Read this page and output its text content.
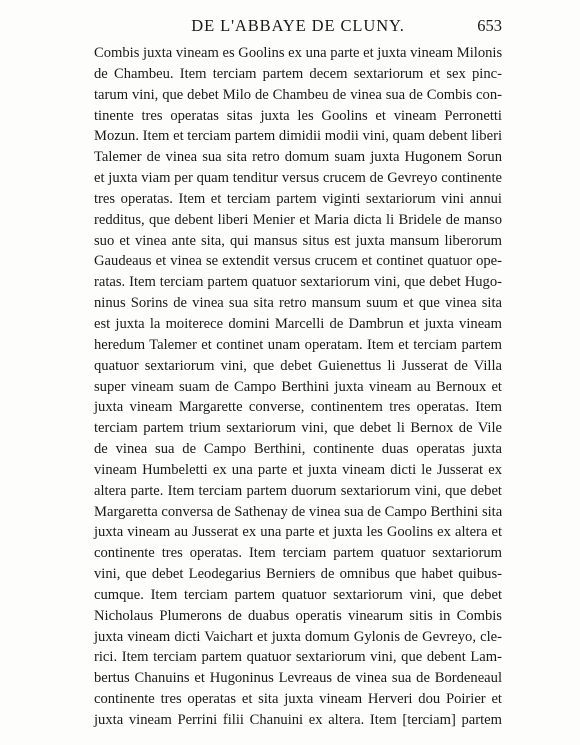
DE L'ABBAYE DE CLUNY.	653
Combis juxta vineam es Goolins ex una parte et juxta vineam Milonis
de Chambeu. Item terciam partem decem sextariorum et sex pinc-
tarum vini, que debet Milo de Chambeu de vinea sua de Combis con-
tinente tres operatas sitas juxta les Goolins et vineam Perronetti
Mozun. Item et terciam partem dimidii modii vini, quam debent liberi
Talemer de vinea sua sita retro domum suam juxta Hugonem Sorun
et juxta viam per quam tenditur versus crucem de Gevreyo continente
tres operatas. Item et terciam partem viginti sextariorum vini annui
redditus, que debent liberi Menier et Maria dicta li Bridele de manso
suo et vinea ante sita, qui mansus situs est juxta mansum liberorum
Gaudeaus et vinea se extendit versus crucem et continet quatuor ope-
ratas. Item terciam partem quatuor sextariorum vini, que debet Hugo-
ninus Sorins de vinea sua sita retro mansum suum et que vinea sita
est juxta la moiterece domini Marcelli de Dambrun et juxta vineam
heredum Talemer et continet unam operatam. Item et terciam partem
quatuor sextariorum vini, que debet Guienettus li Jusserat de Villa
super vineam suam de Campo Berthini juxta vineam au Bernoux et
juxta vineam Margarette converse, continentem tres operatas. Item
terciam partem trium sextariorum vini, que debet li Bernox de Vile
de vinea sua de Campo Berthini, continente duas operatas juxta
vineam Humbeletti ex una parte et juxta vineam dicti le Jusserat ex
altera parte. Item terciam partem duorum sextariorum vini, que debet
Margaretta conversa de Sathenay de vinea sua de Campo Berthini sita
juxta vineam au Jusserat ex una parte et juxta les Goolins ex altera et
continente tres operatas. Item terciam partem quatuor sextariorum
vini, que debet Leodegarius Berniers de omnibus que habet quibus-
cumque. Item terciam partem quatuor sextariorum vini, que debet
Nicholaus Plumerons de duabus operatis vinearum sitis in Combis
juxta vineam dicti Vaichart et juxta domum Gylonis de Gevreyo, cle-
rici. Item terciam partem quatuor sextariorum vini, que debent Lam-
bertus Chanuins et Hugoninus Levreaus de vinea sua de Bordeneaul
continente tres operatas et sita juxta vineam Herveri dou Poirier et
juxta vineam Perrini filii Chanuini ex altera. Item [terciam] partem
